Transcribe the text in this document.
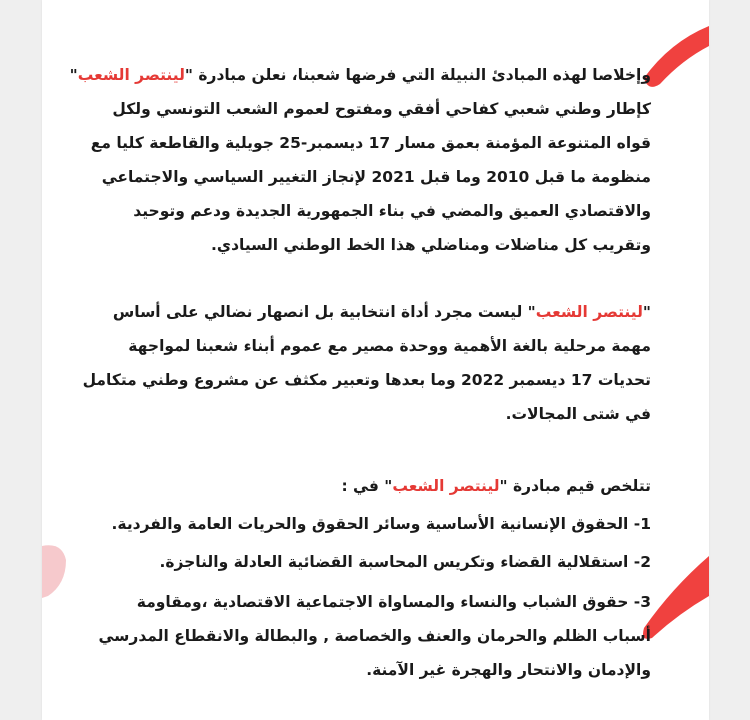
وإخلاصا لهذه المبادئ النبيلة التي فرضها شعبنا، نعلن مبادرة "لينتصر الشعب"
كإطار وطني شعبي كفاحي أفقي ومفتوح لعموم الشعب التونسي ولكل
قواه المتنوعة المؤمنة بعمق مسار 17 ديسمبر-25 جويلية والقاطعة كليا مع
منظومة ما قبل 2010 وما قبل 2021 لإنجاز التغيير السياسي والاجتماعي
والاقتصادي العميق والمضي في بناء الجمهورية الجديدة ودعم وتوحيد
وتقريب كل مناضلات ومناضلي هذا الخط الوطني السيادي.
"لينتصر الشعب" ليست مجرد أداة انتخابية بل انصهار نضالي على أساس
مهمة مرحلية بالغة الأهمية ووحدة مصير مع عموم أبناء شعبنا لمواجهة
تحديات 17 ديسمبر 2022 وما بعدها وتعبير مكثف عن مشروع وطني متكامل
في شتى المجالات.
تتلخص قيم مبادرة "لينتصر الشعب" في :
1- الحقوق الإنسانية الأساسية وسائر الحقوق والحريات العامة والفردية.
2- استقلالية القضاء وتكريس المحاسبة القضائية العادلة والناجزة.
3- حقوق الشباب والنساء والمساواة الاجتماعية الاقتصادية ،ومقاومة
أسباب الظلم والحرمان والعنف والخصاصة , والبطالة والانقطاع المدرسي
والإدمان والانتحار والهجرة غير الآمنة.
